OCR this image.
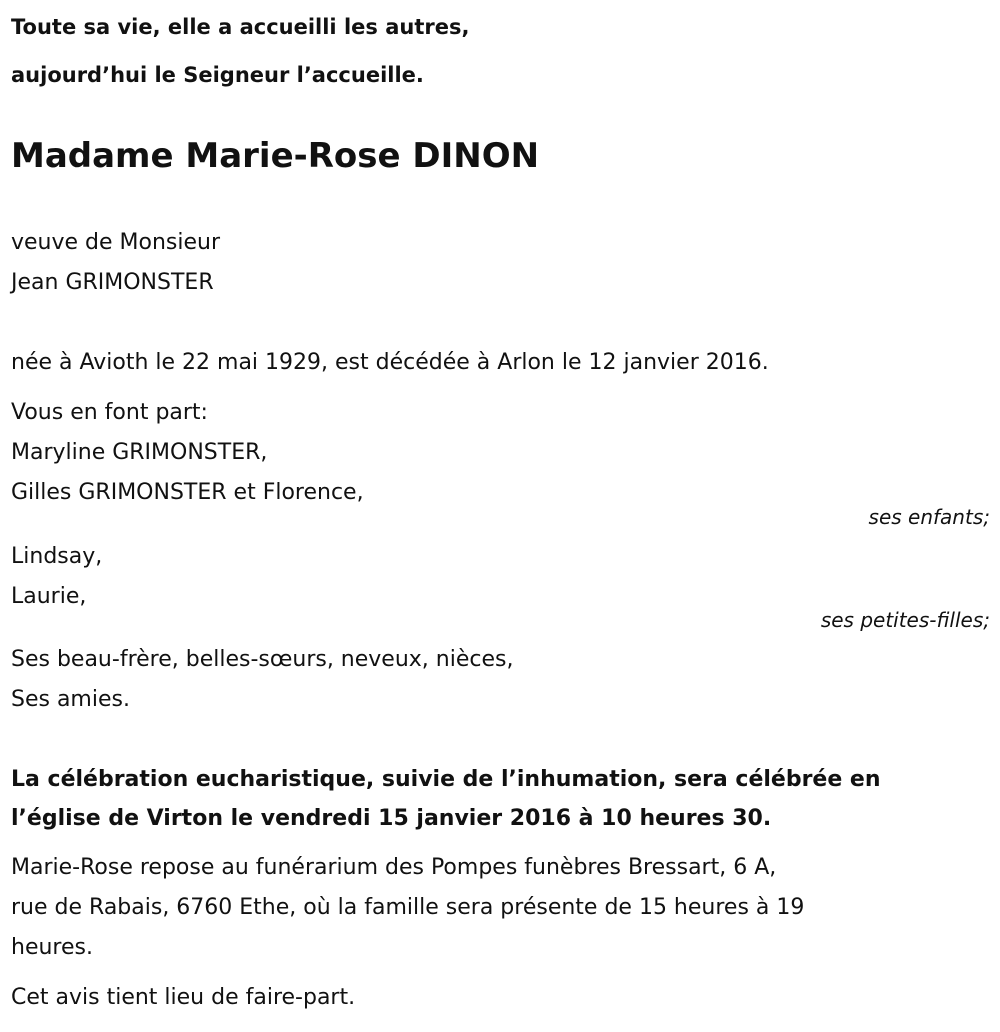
Toute sa vie, elle a accueilli les autres,
aujourd’hui le Seigneur l’accueille.
Madame Marie-Rose DINON
veuve de Monsieur
Jean GRIMONSTER
née à Avioth le 22 mai 1929, est décédée à Arlon le 12 janvier 2016.
Vous en font part:
Maryline GRIMONSTER,
Gilles GRIMONSTER et Florence,
ses enfants;
Lindsay,
Laurie,
ses petites-filles;
Ses beau-frère, belles-sœurs, neveux, nièces,
Ses amies.
La célébration eucharistique, suivie de l’inhumation, sera célébrée en
l’église de Virton le vendredi 15 janvier 2016 à 10 heures 30.
Marie-Rose repose au funérarium des Pompes funèbres Bressart, 6 A,
rue de Rabais, 6760 Ethe, où la famille sera présente de 15 heures à 19
heures.
Cet avis tient lieu de faire-part.
